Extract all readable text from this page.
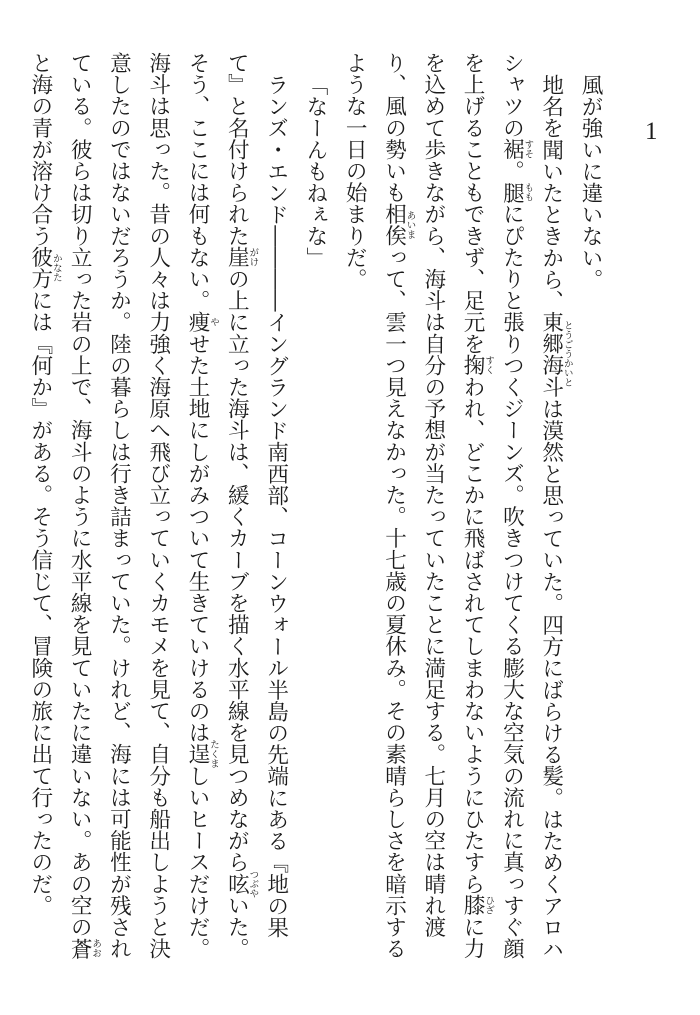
1
風が強いに違いない。
地名を聞いたときから、東郷海斗
とうごうかいと
は漠然と思っていた。四方にばらける髪。はためくアロハ
シャツの裾
すそ
。腿
もも
にぴたりと張りつくジーンズ。吹きつけてくる膨大な空気の流れに真っすぐ顔
を上げることもできず、足元を掬
すく
われ、どこかに飛ばされてしまわないようにひたすら膝
ひざ
に力
を込めて歩きながら、海斗は自分の予想が当たっていたことに満足する。七月の空は晴れ渡
り、風の勢いも相俟
あいま
って、雲一つ見えなかった。十七歳の夏休み。その素晴らしさを暗示する
ような一日の始まりだ。
「なーんもねぇな」
ランズ・エンド――――イングランド南西部、コーンウォール半島の先端にある『地の果
て』と名付けられた崖
がけ
の上に立った海斗は、緩くカーブを描く水平線を見つめながら呟
つぶや
いた。
そう、ここには何もない。痩
や
せた土地にしがみついて生きていけるのは逞
たくま
しいヒースだけだ。
海斗は思った。昔の人々は力強く海原へ飛び立っていくカモメを見て、自分も船出しようと決
意したのではないだろうか。陸の暮らしは行き詰まっていた。けれど、海には可能性が残され
ている。彼らは切り立った岩の上で、海斗のように水平線を見ていたに違いない。あの空の蒼
あお
と海の青が溶け合う彼方
かなた
には『何か』がある。そう信じて、冒険の旅に出て行ったのだ。
